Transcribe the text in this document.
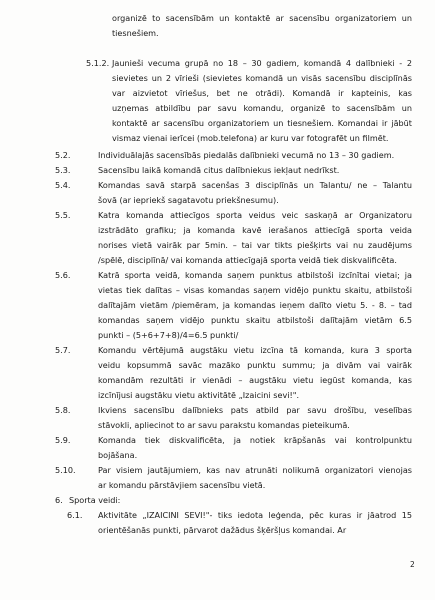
organizē to sacensībām un kontaktē ar sacensību organizatoriem un
tiesnešiem.
5.1.2. Jaunieši vecuma grupā no 18 – 30 gadiem, komandā 4 dalībnieki - 2
sievietes un 2 vīrieši (sievietes komandā un visās sacensību disciplīnās
var aizvietot vīriešus, bet ne otrādi). Komandā ir kapteinis, kas
uzņemas atbildību par savu komandu, organizē to sacensībām un
kontaktē ar sacensību organizatoriem un tiesnešiem. Komandai ir jābūt
vismaz vienai ierīcei (mob.telefona) ar kuru var fotografēt un filmēt.
5.2.	Individuālajās sacensībās piedalās dalībnieki vecumā no 13 – 30 gadiem.
5.3.	Sacensību laikā komandā citus dalībniekus iekļaut nedrīkst.
5.4.	Komandas savā starpā sacenšas 3 disciplīnās un Talantu/ ne – Talantu
šovā (ar iepriekš sagatavotu priekšnesumu).
5.5.	Katra komanda attiecīgos sporta veidus veic saskaņā ar Organizatoru
izstrādāto grafiku; ja komanda kavē ierašanos attiecīgā sporta veida
norises vietā vairāk par 5min. – tai var tikts piešķirts vai nu zaudējums
/spēlē, disciplīnā/ vai komanda attiecīgajā sporta veidā tiek diskvalificēta.
5.6.	Katrā sporta veidā, komanda saņem punktus atbilstoši izcīnītai vietai; ja
vietas tiek dalītas – visas komandas saņem vidējo punktu skaitu, atbilstoši
dalītajām vietām /piemēram, ja komandas ieņem dalīto vietu 5. - 8. – tad
komandas saņem vidējo punktu skaitu atbilstoši dalītajām vietām 6.5
punkti – (5+6+7+8)/4=6.5 punkti/
5.7.	Komandu vērtējumā augstāku vietu izcīna tā komanda, kura 3 sporta
veidu kopsummā savāc mazāko punktu summu; ja divām vai vairāk
komandām rezultāti ir vienādi – augstāku vietu iegūst komanda, kas
izcīnījusi augstāku vietu aktivitātē „Izaicini sevi!".
5.8.	Ikviens sacensību dalībnieks pats atbild par savu drošību, veselības
stāvokli, apliecinot to ar savu parakstu komandas pieteikumā.
5.9.	Komanda tiek diskvalificēta, ja notiek krāpšanās vai kontrolpunktu
bojāšana.
5.10.	Par visiem jautājumiem, kas nav atrunāti nolikumā organizatori vienojas
ar komandu pārstāvjiem sacensību vietā.
6. Sporta veidi:
6.1. Aktivitāte „IZAICINI SEVI!"- tiks iedota leģenda, pēc kuras ir jāatrod 15
orientēšanās punkti, pārvarot dažādus šķēršļus komandai. Ar
2
